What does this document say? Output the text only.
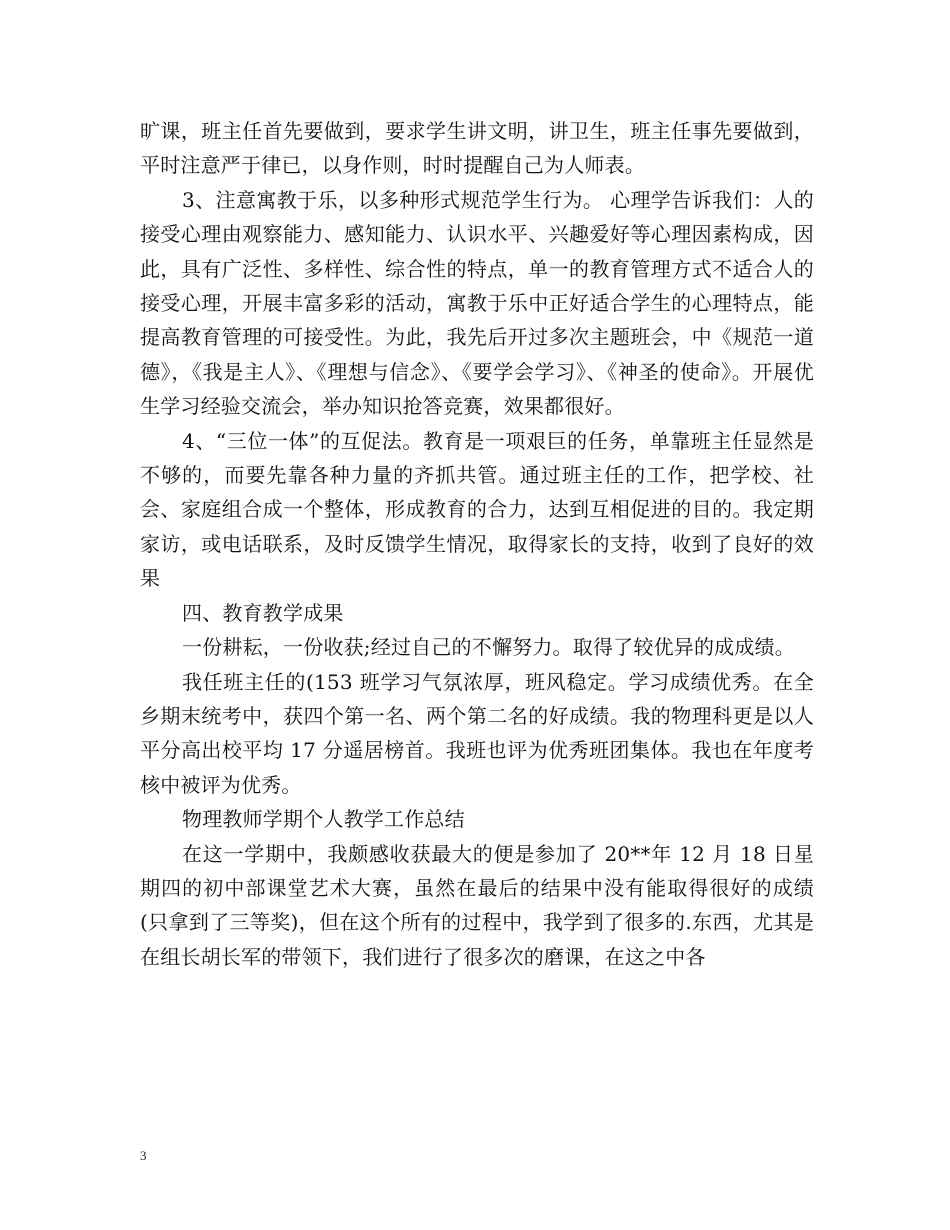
旷课，班主任首先要做到，要求学生讲文明，讲卫生，班主任事先要做到，平时注意严于律已，以身作则，时时提醒自己为人师表。

3、注意寓教于乐，以多种形式规范学生行为。 心理学告诉我们：人的接受心理由观察能力、感知能力、认识水平、兴趣爱好等心理因素构成，因此，具有广泛性、多样性、综合性的特点，单一的教育管理方式不适合人的接受心理，开展丰富多彩的活动，寓教于乐中正好适合学生的心理特点，能提高教育管理的可接受性。为此，我先后开过多次主题班会，中《规范一道德》，《我是主人》、《理想与信念》、《要学会学习》、《神圣的使命》。开展优生学习经验交流会，举办知识抢答竞赛，效果都很好。

4、“三位一体”的互促法。教育是一项艰巨的任务，单靠班主任显然是不够的，而要先靠各种力量的齐抓共管。通过班主任的工作，把学校、社会、家庭组合成一个整体，形成教育的合力，达到互相促进的目的。我定期家访，或电话联系，及时反馈学生情况，取得家长的支持，收到了良好的效果

四、教育教学成果

一份耕耘，一份收获;经过自己的不懈努力。取得了较优异的成成绩。

我任班主任的(153 班学习气氛浓厚，班风稳定。学习成绩优秀。在全乡期末统考中，获四个第一名、两个第二名的好成绩。我的物理科更是以人平分高出校平均 17 分遥居榜首。我班也评为优秀班团集体。我也在年度考核中被评为优秀。

物理教师学期个人教学工作总结

在这一学期中，我颇感收获最大的便是参加了 20**年 12 月 18 日星期四的初中部课堂艺术大赛，虽然在最后的结果中没有能取得很好的成绩(只拿到了三等奖)，但在这个所有的过程中，我学到了很多的.东西，尤其是在组长胡长军的带领下，我们进行了很多次的磨课，在这之中各

3
